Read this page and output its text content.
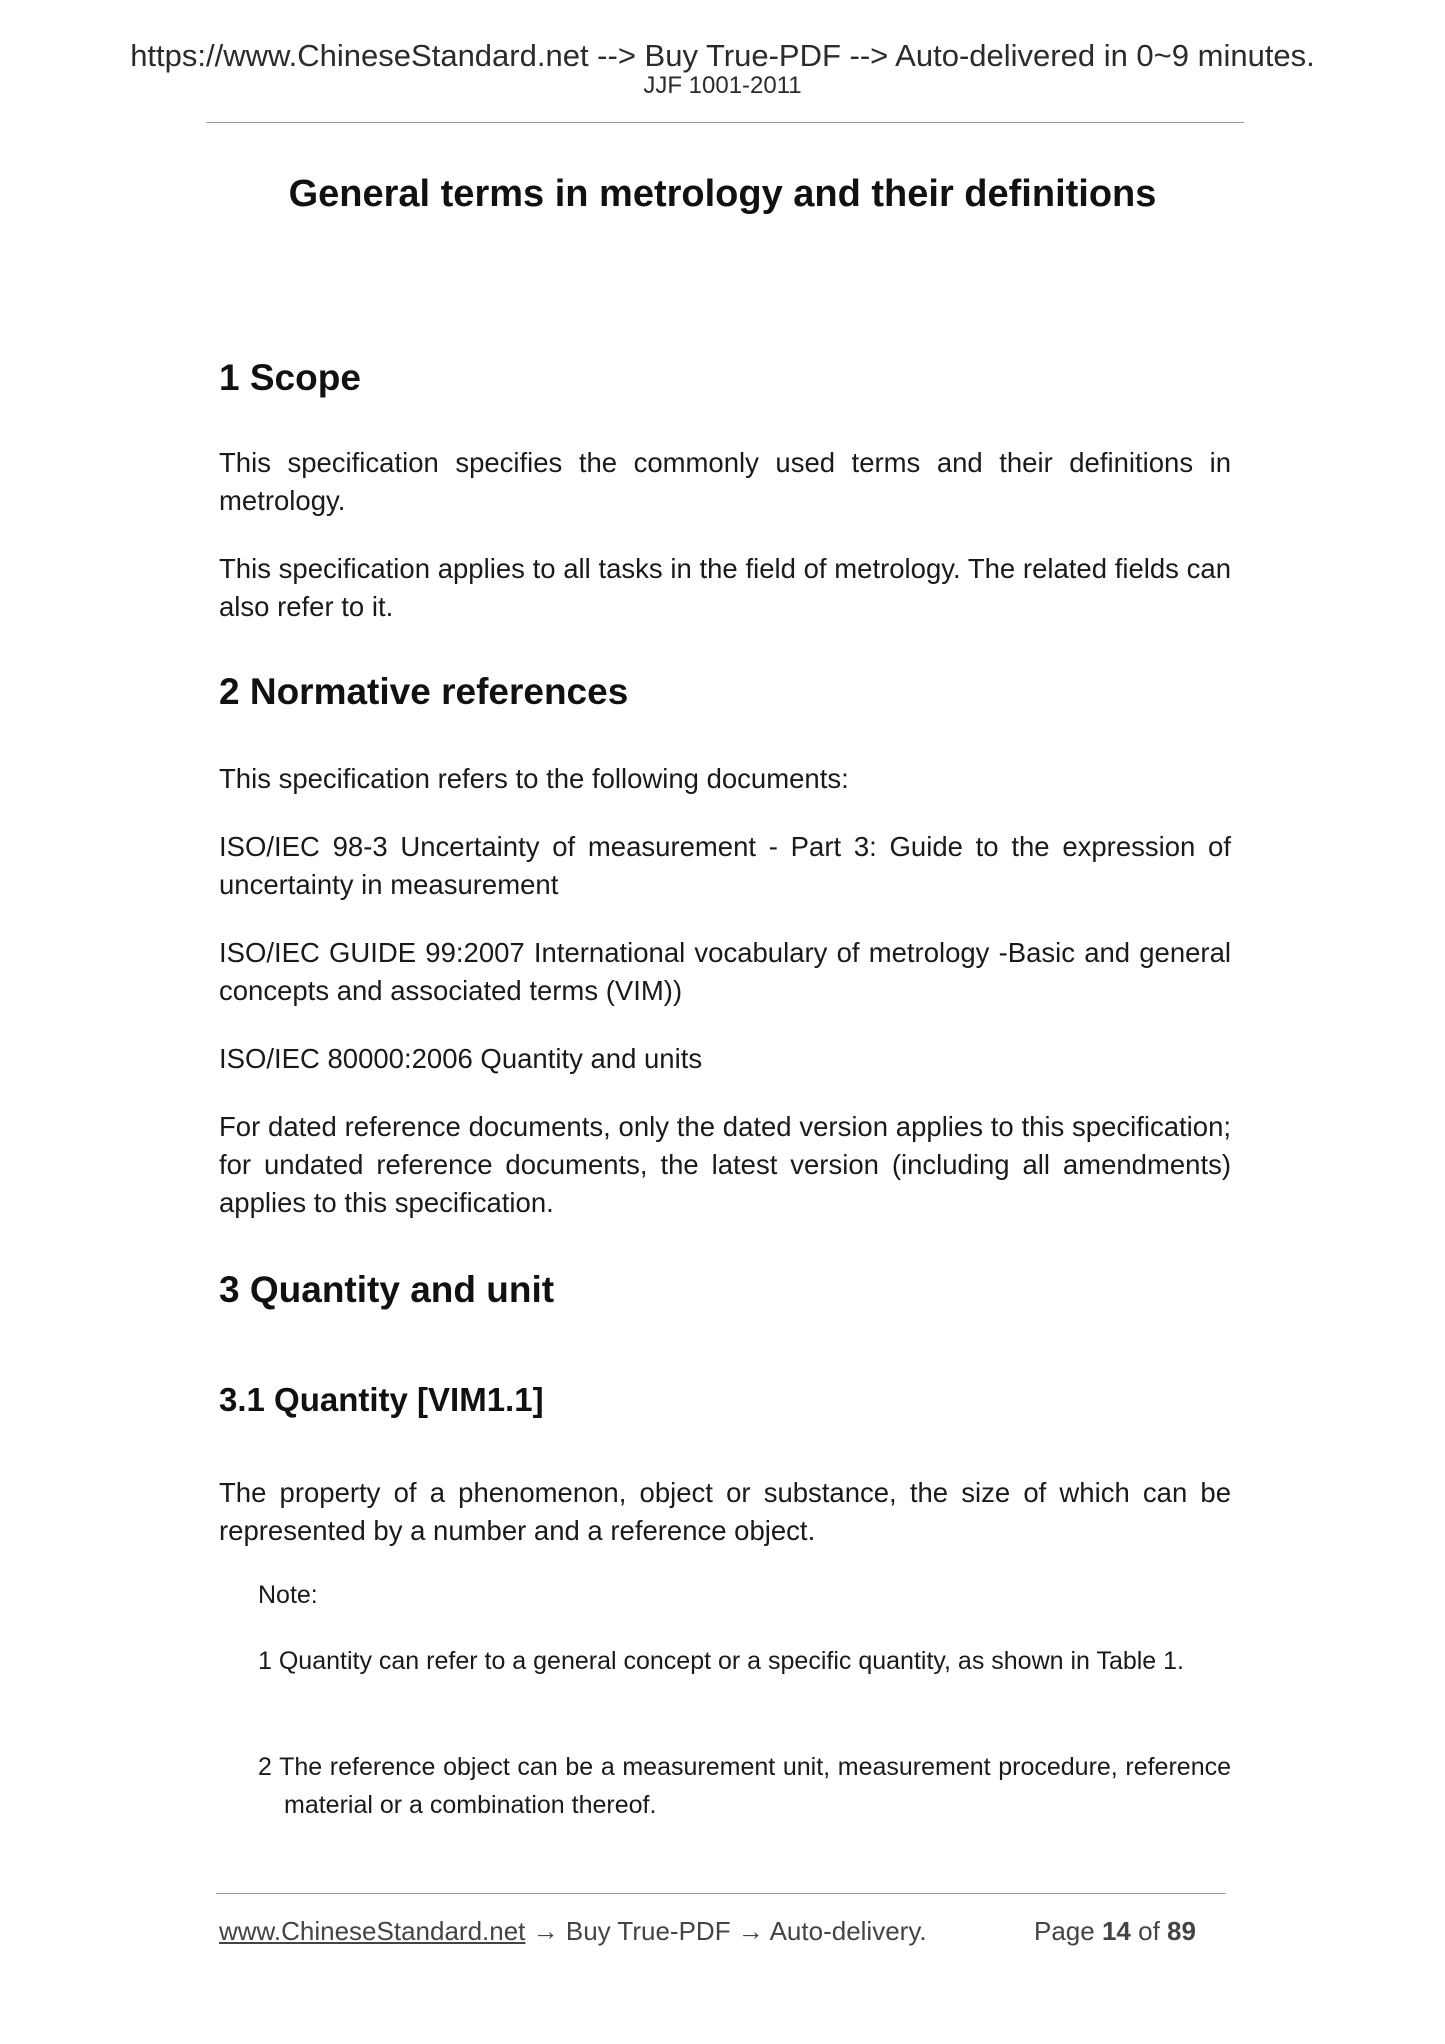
https://www.ChineseStandard.net --> Buy True-PDF --> Auto-delivered in 0~9 minutes.
JJF 1001-2011
General terms in metrology and their definitions
1 Scope

This specification specifies the commonly used terms and their definitions in metrology.

This specification applies to all tasks in the field of metrology. The related fields can also refer to it.

2 Normative references

This specification refers to the following documents:

ISO/IEC 98-3 Uncertainty of measurement - Part 3: Guide to the expression of uncertainty in measurement

ISO/IEC GUIDE 99:2007 International vocabulary of metrology -Basic and general concepts and associated terms (VIM))

ISO/IEC 80000:2006 Quantity and units

For dated reference documents, only the dated version applies to this specification; for undated reference documents, the latest version (including all amendments) applies to this specification.

3 Quantity and unit
3.1 Quantity [VIM1.1]

The property of a phenomenon, object or substance, the size of which can be represented by a number and a reference object.

Note:
1 Quantity can refer to a general concept or a specific quantity, as shown in Table 1.
2 The reference object can be a measurement unit, measurement procedure, reference material or a combination thereof.
www.ChineseStandard.net → Buy True-PDF → Auto-delivery.	Page 14 of 89
